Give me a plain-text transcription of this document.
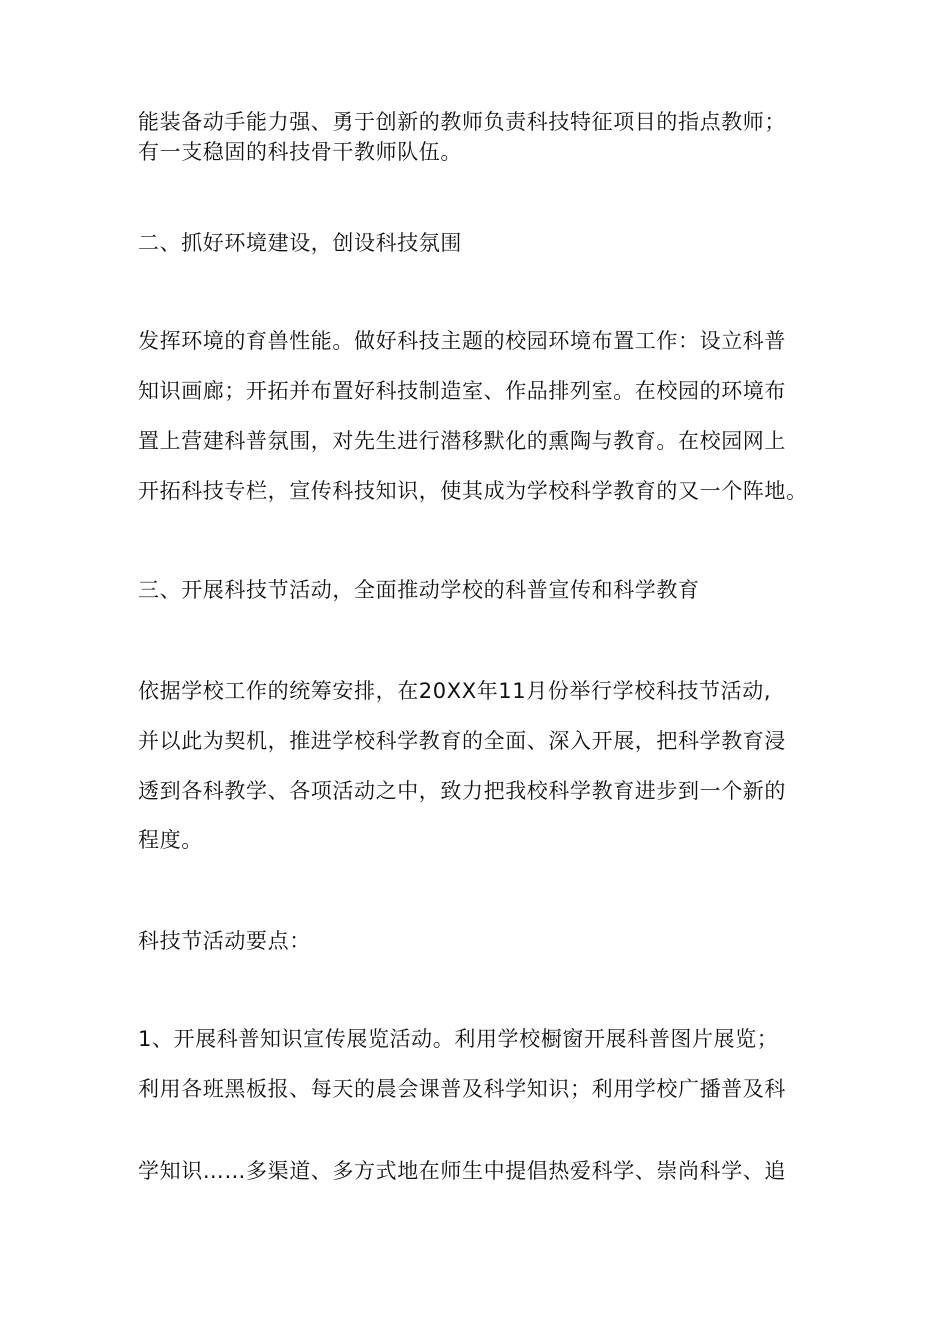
能装备动手能力强、勇于创新的教师负责科技特征项目的指点教师；
有一支稳固的科技骨干教师队伍。
二、抓好环境建设，创设科技氛围
发挥环境的育兽性能。做好科技主题的校园环境布置工作：设立科普
知识画廊；开拓并布置好科技制造室、作品排列室。在校园的环境布
置上营建科普氛围，对先生进行潜移默化的熏陶与教育。在校园网上
开拓科技专栏，宣传科技知识，使其成为学校科学教育的又一个阵地。
三、开展科技节活动，全面推动学校的科普宣传和科学教育
依据学校工作的统筹安排，在20XX年11月份举行学校科技节活动,
并以此为契机，推进学校科学教育的全面、深入开展，把科学教育浸
透到各科教学、各项活动之中，致力把我校科学教育进步到一个新的
程度。
科技节活动要点：
1、开展科普知识宣传展览活动。利用学校橱窗开展科普图片展览；
利用各班黑板报、每天的晨会课普及科学知识；利用学校广播普及科
学知识……多渠道、多方式地在师生中提倡热爱科学、崇尚科学、追
